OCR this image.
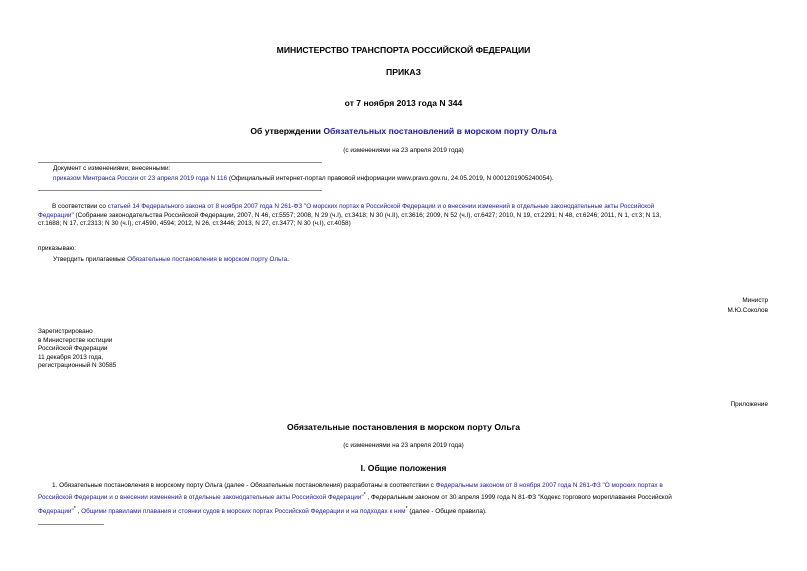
МИНИСТЕРСТВО ТРАНСПОРТА РОССИЙСКОЙ ФЕДЕРАЦИИ
ПРИКАЗ
от 7 ноября 2013 года N 344
Об утверждении Обязательных постановлений в морском порту Ольга
(с изменениями на 23 апреля 2019 года)
Документ с изменениями, внесенными:
приказом Минтранса России от 23 апреля 2019 года N 116 (Официальный интернет-портал правовой информации www.pravo.gov.ru, 24.05.2019, N 0001201905240054).
В соответствии со статьей 14 Федерального закона от 8 ноября 2007 года N 261-ФЗ "О морских портах в Российской Федерации и о внесении изменений в отдельные законодательные акты Российской
Федерации" (Собрание законодательства Российской Федерации, 2007, N 46, ст.5557; 2008, N 29 (ч.I), ст.3418; N 30 (ч.II), ст.3616; 2009, N 52 (ч.I), ст.6427; 2010, N 19, ст.2291; N 48, ст.6246; 2011, N 1, ст.3; N 13,
ст.1688; N 17, ст.2313; N 30 (ч.I), ст.4590, 4594; 2012, N 26, ст.3446; 2013, N 27, ст.3477; N 30 (ч.I), ст.4058)
приказываю:
Утвердить прилагаемые Обязательные постановления в морском порту Ольга.
Министр
М.Ю.Соколов
Зарегистрировано
в Министерстве юстиции
Российской Федерации
11 декабря 2013 года,
регистрационный N 30585
Приложение
Обязательные постановления в морском порту Ольга
(с изменениями на 23 апреля 2019 года)
I. Общие положения
1. Обязательные постановления в морскому порту Ольга (далее - Обязательные постановления) разработаны в соответствии с Федеральным законом от 8 ноября 2007 года N 261-ФЗ "О морских портах в
Российской Федерации и о внесении изменений в отдельные законодательные акты Российской Федерации"* , Федеральным законом от 30 апреля 1999 года N 81-ФЗ "Кодекс торгового мореплавания Российской
Федерации"* , Общими правилами плавания и стоянки судов в морских портах Российской Федерации и на подходах к ним* (далее - Общие правила).
